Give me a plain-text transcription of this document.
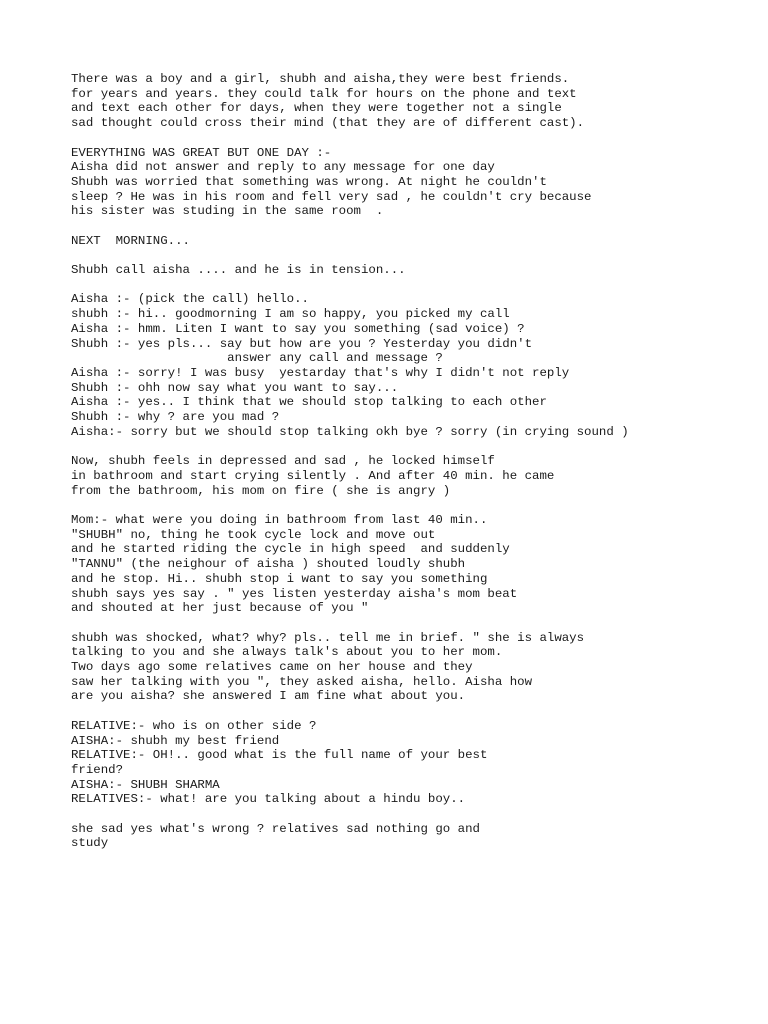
There was a boy and a girl, shubh and aisha,they were best friends.
for years and years. they could talk for hours on the phone and text
and text each other for days, when they were together not a single
sad thought could cross their mind (that they are of different cast).
EVERYTHING WAS GREAT BUT ONE DAY :-
Aisha did not answer and reply to any message for one day
Shubh was worried that something was wrong. At night he couldn't
sleep ? He was in his room and fell very sad , he couldn't cry because
his sister was studing in the same room  .
NEXT  MORNING...
Shubh call aisha .... and he is in tension...
Aisha :- (pick the call) hello..
shubh :- hi.. goodmorning I am so happy, you picked my call
Aisha :- hmm. Liten I want to say you something (sad voice) ?
Shubh :- yes pls... say but how are you ? Yesterday you didn't
answer any call and message ?
Aisha :- sorry! I was busy  yestarday that's why I didn't not reply
Shubh :- ohh now say what you want to say...
Aisha :- yes.. I think that we should stop talking to each other
Shubh :- why ? are you mad ?
Aisha:- sorry but we should stop talking okh bye ? sorry (in crying sound )
Now, shubh feels in depressed and sad , he locked himself
in bathroom and start crying silently . And after 40 min. he came
from the bathroom, his mom on fire ( she is angry )
Mom:- what were you doing in bathroom from last 40 min..
"SHUBH" no, thing he took cycle lock and move out
and he started riding the cycle in high speed  and suddenly
"TANNU" (the neighour of aisha ) shouted loudly shubh
and he stop. Hi.. shubh stop i want to say you something
shubh says yes say . " yes listen yesterday aisha's mom beat
and shouted at her just because of you "
shubh was shocked, what? why? pls.. tell me in brief. " she is always
talking to you and she always talk's about you to her mom.
Two days ago some relatives came on her house and they
saw her talking with you ", they asked aisha, hello. Aisha how
are you aisha? she answered I am fine what about you.
RELATIVE:- who is on other side ?
AISHA:- shubh my best friend
RELATIVE:- OH!.. good what is the full name of your best
friend?
AISHA:- SHUBH SHARMA
RELATIVES:- what! are you talking about a hindu boy..
she sad yes what's wrong ? relatives sad nothing go and
study
